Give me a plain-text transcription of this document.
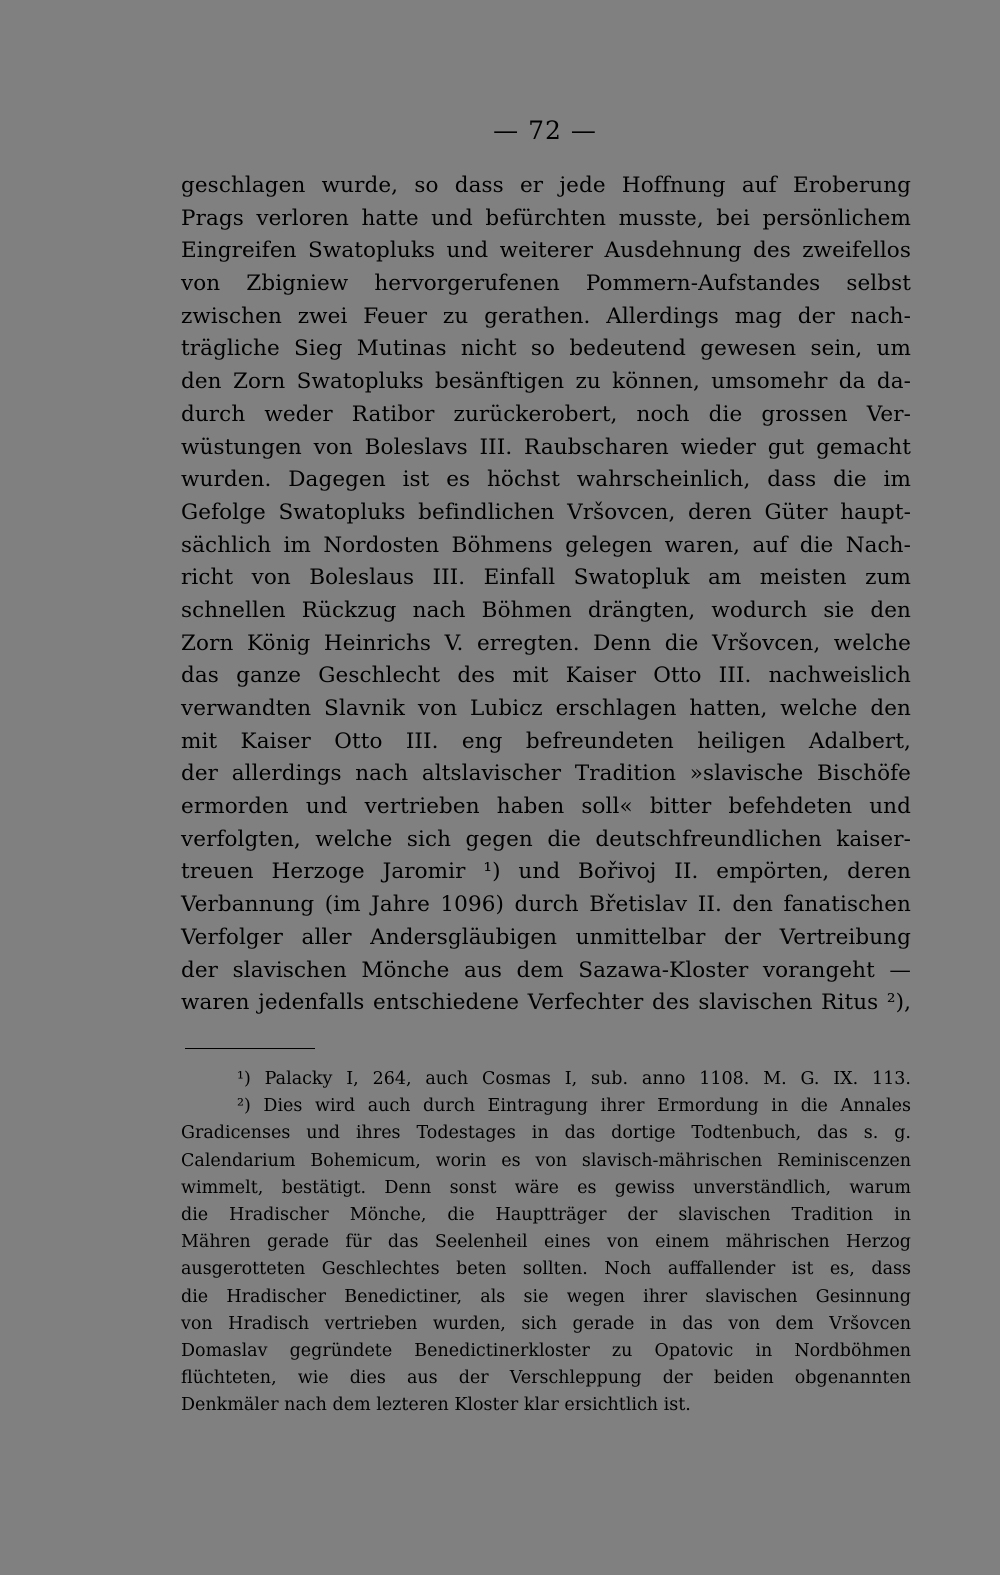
— 72 —
geschlagen wurde, so dass er jede Hoffnung auf Eroberung
Prags verloren hatte und befürchten musste, bei persönlichem
Eingreifen Swatopluks und weiterer Ausdehnung des zweifellos
von Zbigniew hervorgerufenen Pommern-Aufstandes selbst
zwischen zwei Feuer zu gerathen. Allerdings mag der nach-
trägliche Sieg Mutinas nicht so bedeutend gewesen sein, um
den Zorn Swatopluks besänftigen zu können, umsomehr da da-
durch weder Ratibor zurückerobert, noch die grossen Ver-
wüstungen von Boleslavs III. Raubscharen wieder gut gemacht
wurden. Dagegen ist es höchst wahrscheinlich, dass die im
Gefolge Swatopluks befindlichen Vršovcen, deren Güter haupt-
sächlich im Nordosten Böhmens gelegen waren, auf die Nach-
richt von Boleslaus III. Einfall Swatopluk am meisten zum
schnellen Rückzug nach Böhmen drängten, wodurch sie den
Zorn König Heinrichs V. erregten. Denn die Vršovcen, welche
das ganze Geschlecht des mit Kaiser Otto III. nachweislich
verwandten Slavnik von Lubicz erschlagen hatten, welche den
mit Kaiser Otto III. eng befreundeten heiligen Adalbert,
der allerdings nach altslavischer Tradition »slavische Bischöfe
ermorden und vertrieben haben soll« bitter befehdeten und
verfolgten, welche sich gegen die deutschfreundlichen kaiser-
treuen Herzoge Jaromir ¹) und Bořivoj II. empörten, deren
Verbannung (im Jahre 1096) durch Břetislav II. den fanatischen
Verfolger aller Andersgläubigen unmittelbar der Vertreibung
der slavischen Mönche aus dem Sazawa-Kloster vorangeht —
waren jedenfalls entschiedene Verfechter des slavischen Ritus ²),
¹) Palacky I, 264, auch Cosmas I, sub. anno 1108. M. G. IX. 113.
²) Dies wird auch durch Eintragung ihrer Ermordung in die Annales
Gradicenses und ihres Todestages in das dortige Todtenbuch, das s. g.
Calendarium Bohemicum, worin es von slavisch-mährischen Reminiscenzen
wimmelt, bestätigt. Denn sonst wäre es gewiss unverständlich, warum
die Hradischer Mönche, die Hauptträger der slavischen Tradition in
Mähren gerade für das Seelenheil eines von einem mährischen Herzog
ausgerotteten Geschlechtes beten sollten. Noch auffallender ist es, dass
die Hradischer Benedictiner, als sie wegen ihrer slavischen Gesinnung
von Hradisch vertrieben wurden, sich gerade in das von dem Vršovcen
Domaslav gegründete Benedictinerkloster zu Opatovic in Nordböhmen
flüchteten, wie dies aus der Verschleppung der beiden obgenannten
Denkmäler nach dem lezteren Kloster klar ersichtlich ist.
